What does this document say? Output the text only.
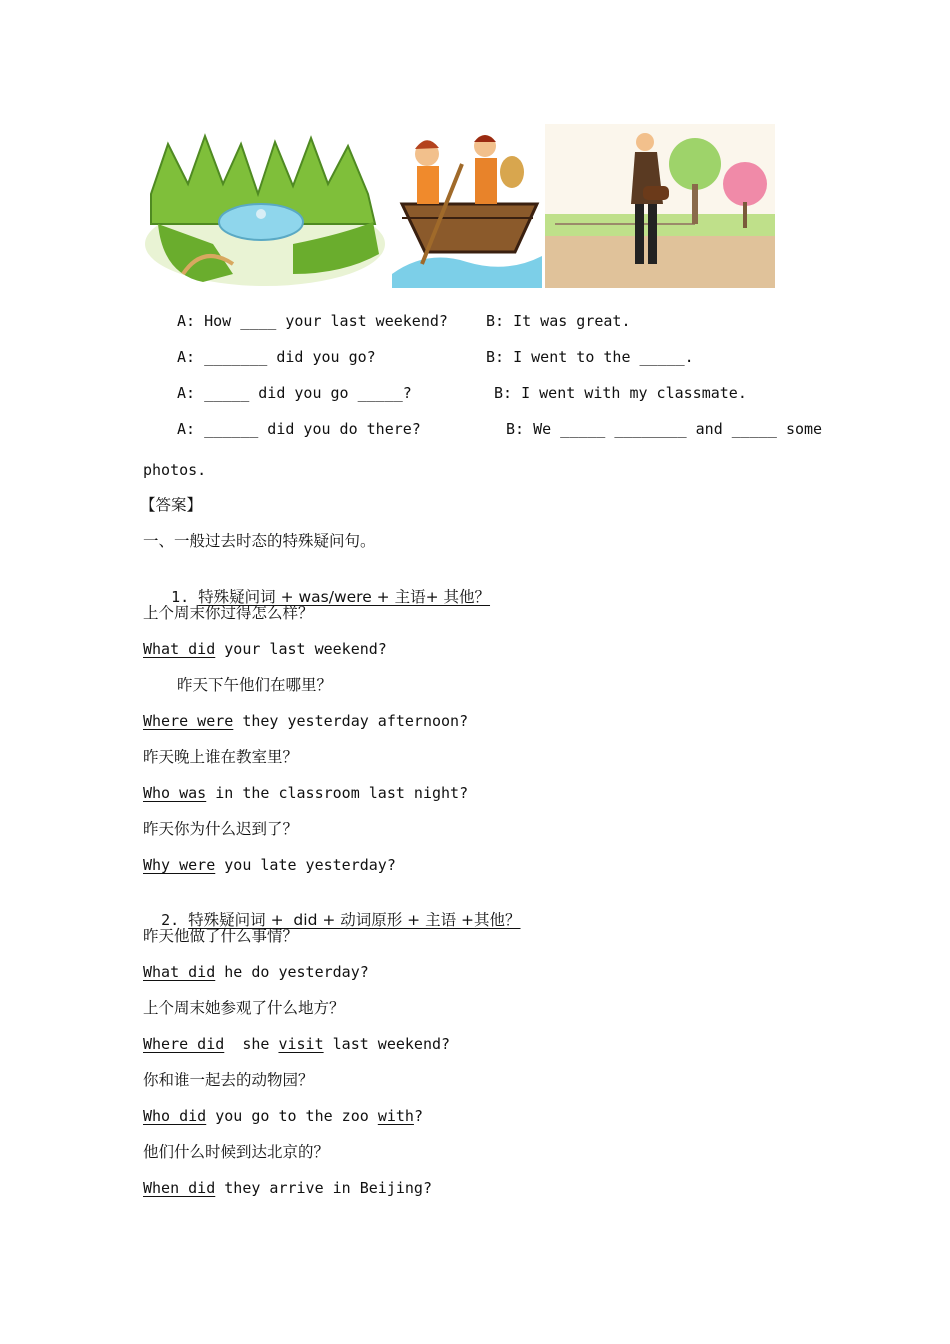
A: How ____ your last weekend?	B: It was great.
A: _______ did you go?	B: I went to the _____.
A: _____ did you go _____?	B: I went with my classmate.
A: ______ did you do there?	B: We _____ ________ and _____ some
photos.
【答案】
一、一般过去时态的特殊疑问句。

1. 特殊疑问词 + was/were + 主语+ 其他？

上个周末你过得怎么样？
What did your last weekend?
昨天下午他们在哪里？
Where were they yesterday afternoon?
昨天晚上谁在教室里？
Who was in the classroom last night?
昨天你为什么迟到了？
Why were you late yesterday?

2. 特殊疑问词 +  did + 动词原形 + 主语 +其他？

昨天他做了什么事情？
What did he do yesterday?
上个周末她参观了什么地方？
Where did  she visit last weekend?
你和谁一起去的动物园？
Who did you go to the zoo with?
他们什么时候到达北京的？
When did they arrive in Beijing?
